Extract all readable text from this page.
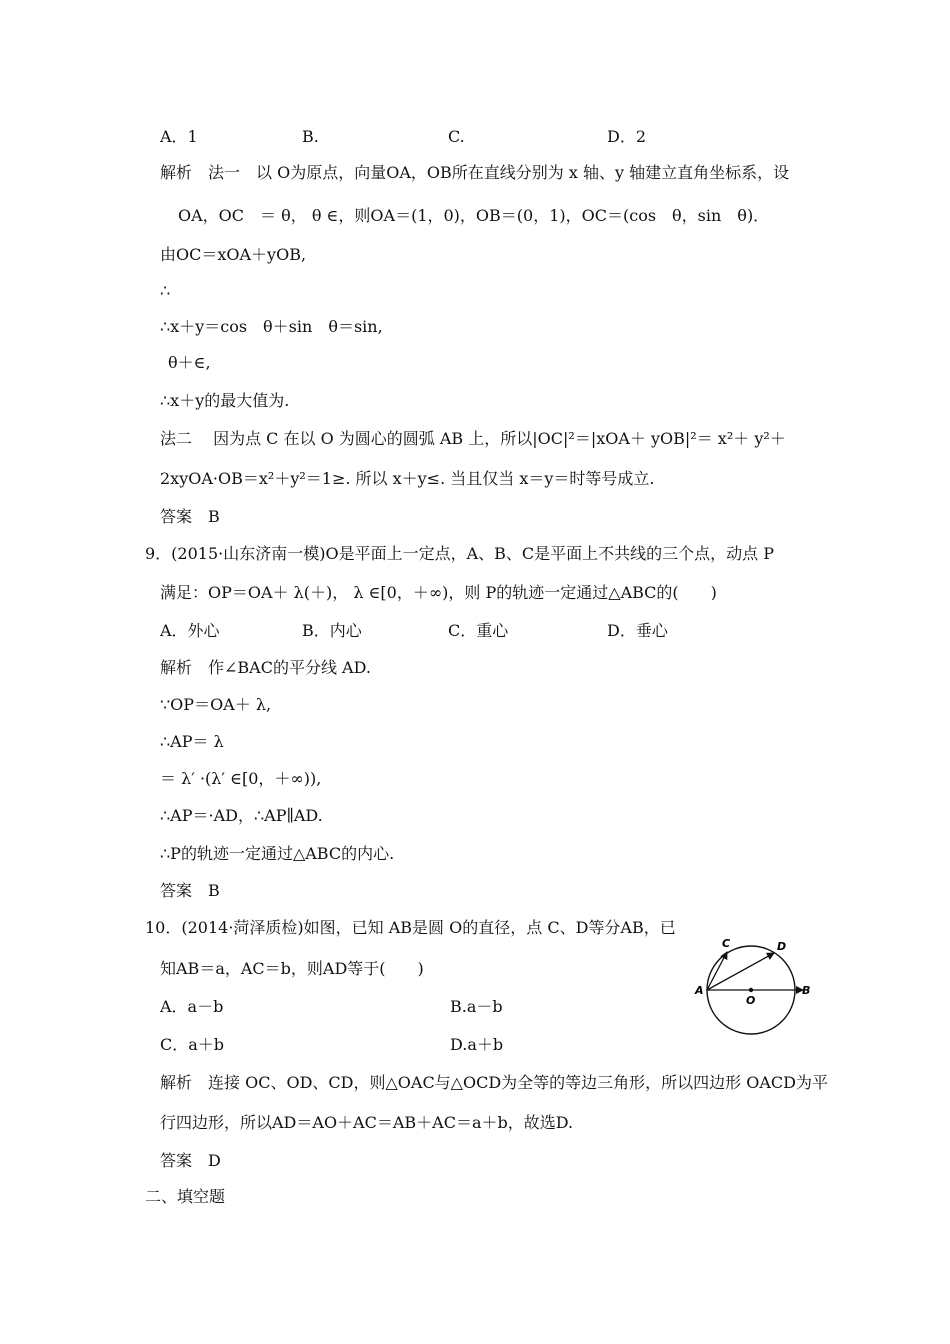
A．1	B.	C.	D．2
解析　法一　以 O为原点，向量OA，OB所在直线分别为 x 轴、y 轴建立直角坐标系，设
OA，OC　＝ θ， θ ∈，则OA＝(1，0)，OB＝(0，1)，OC＝(cos　θ，sin　θ)．
由OC＝xOA＋yOB,
∴
∴x＋y＝cos　θ＋sin　θ＝sin,
θ＋∈,
∴x＋y的最大值为.
法二　 因为点 C 在以 O 为圆心的圆弧 AB 上，所以|OC|²＝|xOA＋ yOB|²＝ x²＋ y²＋
2xyOA·OB＝x²＋y²＝1≥. 所以 x＋y≤. 当且仅当 x＝y＝时等号成立.
答案　B
9．(2015·山东济南一模)O是平面上一定点，A、B、C是平面上不共线的三个点，动点 P
满足：OP＝OA＋ λ(＋)， λ ∈[0，＋∞)，则 P的轨迹一定通过△ABC的(　　)
A．外心	B．内心	C．重心	D．垂心
解析　作∠BAC的平分线 AD.
∵OP＝OA＋ λ,
∴AP＝ λ
＝ λ′ ·(λ′ ∈[0，＋∞)),
∴AP＝·AD，∴AP∥AD.
∴P的轨迹一定通过△ABC的内心.
答案　B
10．(2014·菏泽质检)如图，已知 AB是圆 O的直径，点 C、D等分AB，已
知AB＝a，AC＝b，则AD等于(　　)
A．a－b	B.a－b
C．a＋b	D.a＋b
A	B
C	D
O
解析　连接 OC、OD、CD，则△OAC与△OCD为全等的等边三角形，所以四边形 OACD为平
行四边形，所以AD＝AO＋AC＝AB＋AC＝a＋b，故选D.
答案　D
二、填空题
